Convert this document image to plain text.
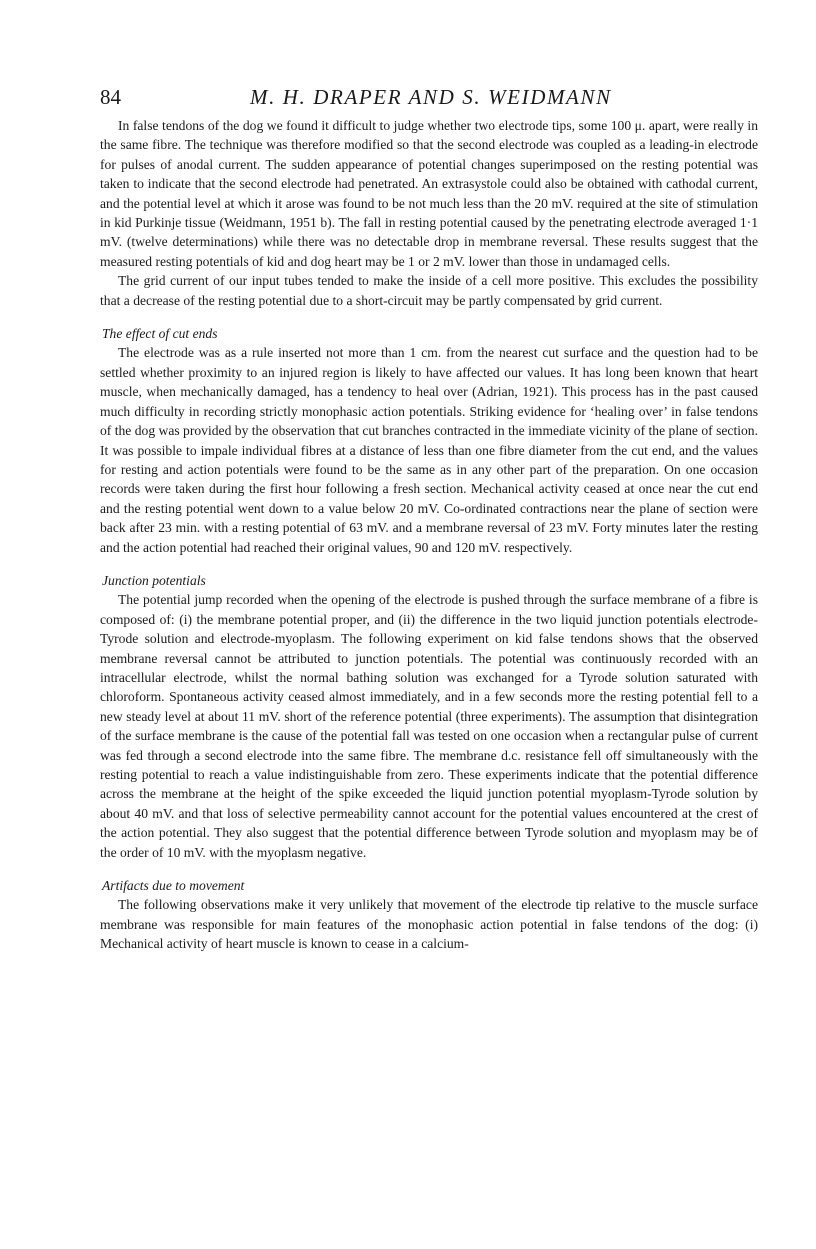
84	M. H. DRAPER AND S. WEIDMANN

In false tendons of the dog we found it difficult to judge whether two electrode tips, some 100 μ. apart, were really in the same fibre. The technique was therefore modified so that the second electrode was coupled as a leading-in electrode for pulses of anodal current. The sudden appearance of potential changes superimposed on the resting potential was taken to indicate that the second electrode had penetrated. An extrasystole could also be obtained with cathodal current, and the potential level at which it arose was found to be not much less than the 20 mV. required at the site of stimulation in kid Purkinje tissue (Weidmann, 1951 b). The fall in resting potential caused by the penetrating electrode averaged 1·1 mV. (twelve determinations) while there was no detectable drop in membrane reversal. These results suggest that the measured resting potentials of kid and dog heart may be 1 or 2 mV. lower than those in undamaged cells.

The grid current of our input tubes tended to make the inside of a cell more positive. This excludes the possibility that a decrease of the resting potential due to a short-circuit may be partly compensated by grid current.

The effect of cut ends

The electrode was as a rule inserted not more than 1 cm. from the nearest cut surface and the question had to be settled whether proximity to an injured region is likely to have affected our values. It has long been known that heart muscle, when mechanically damaged, has a tendency to heal over (Adrian, 1921). This process has in the past caused much difficulty in recording strictly monophasic action potentials. Striking evidence for ‘healing over’ in false tendons of the dog was provided by the observation that cut branches contracted in the immediate vicinity of the plane of section. It was possible to impale individual fibres at a distance of less than one fibre diameter from the cut end, and the values for resting and action potentials were found to be the same as in any other part of the preparation. On one occasion records were taken during the first hour following a fresh section. Mechanical activity ceased at once near the cut end and the resting potential went down to a value below 20 mV. Co-ordinated contractions near the plane of section were back after 23 min. with a resting potential of 63 mV. and a membrane reversal of 23 mV. Forty minutes later the resting and the action potential had reached their original values, 90 and 120 mV. respectively.

Junction potentials

The potential jump recorded when the opening of the electrode is pushed through the surface membrane of a fibre is composed of: (i) the membrane potential proper, and (ii) the difference in the two liquid junction potentials electrode-Tyrode solution and electrode-myoplasm. The following experiment on kid false tendons shows that the observed membrane reversal cannot be attributed to junction potentials. The potential was continuously recorded with an intracellular electrode, whilst the normal bathing solution was exchanged for a Tyrode solution saturated with chloroform. Spontaneous activity ceased almost immediately, and in a few seconds more the resting potential fell to a new steady level at about 11 mV. short of the reference potential (three experiments). The assumption that disintegration of the surface membrane is the cause of the potential fall was tested on one occasion when a rectangular pulse of current was fed through a second electrode into the same fibre. The membrane d.c. resistance fell off simultaneously with the resting potential to reach a value indistinguishable from zero. These experiments indicate that the potential difference across the membrane at the height of the spike exceeded the liquid junction potential myoplasm-Tyrode solution by about 40 mV. and that loss of selective permeability cannot account for the potential values encountered at the crest of the action potential. They also suggest that the potential difference between Tyrode solution and myoplasm may be of the order of 10 mV. with the myoplasm negative.

Artifacts due to movement

The following observations make it very unlikely that movement of the electrode tip relative to the muscle surface membrane was responsible for main features of the monophasic action potential in false tendons of the dog: (i) Mechanical activity of heart muscle is known to cease in a calcium-
